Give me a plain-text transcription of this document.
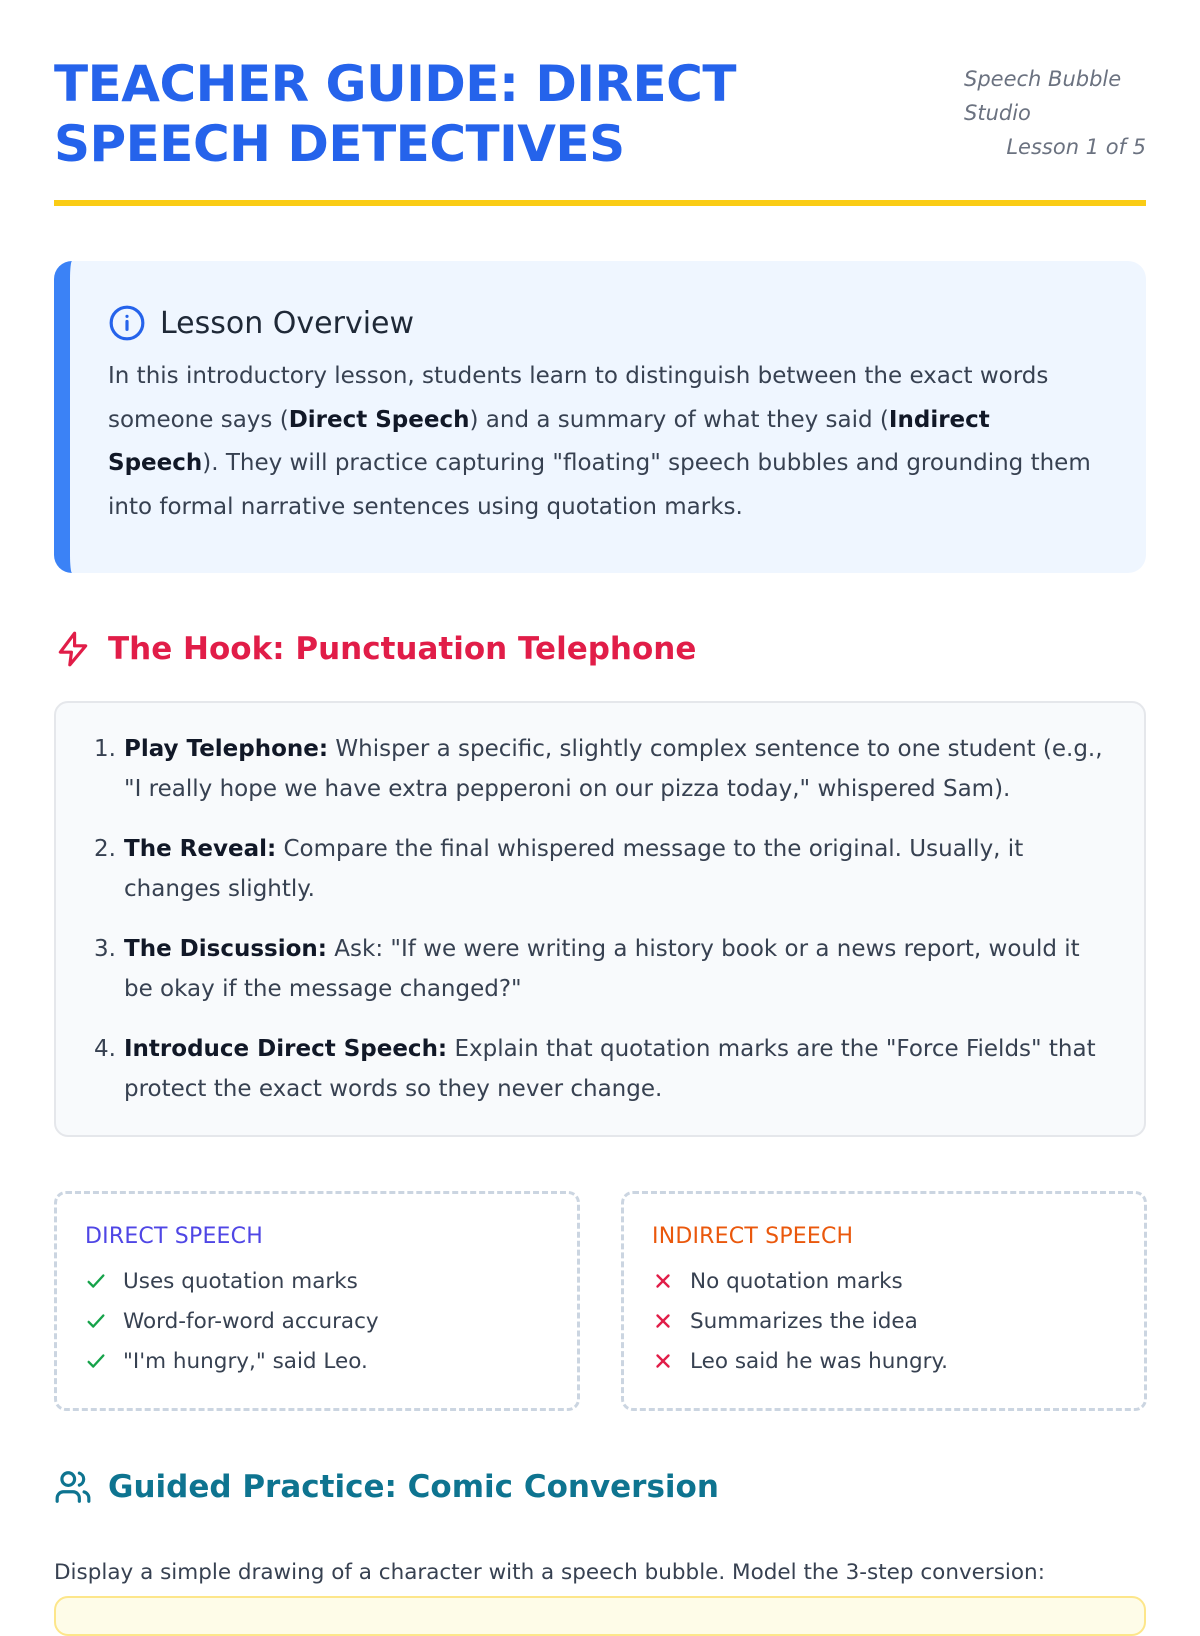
TEACHER GUIDE: DIRECT SPEECH DETECTIVES
Speech Bubble Studio
Lesson 1 of 5
Lesson Overview

In this introductory lesson, students learn to distinguish between the exact words someone says (Direct Speech) and a summary of what they said (Indirect Speech). They will practice capturing "floating" speech bubbles and grounding them into formal narrative sentences using quotation marks.

The Hook: Punctuation Telephone
1. Play Telephone: Whisper a specific, slightly complex sentence to one student (e.g., "I really hope we have extra pepperoni on our pizza today," whispered Sam).
2. The Reveal: Compare the final whispered message to the original. Usually, it changes slightly.
3. The Discussion: Ask: "If we were writing a history book or a news report, would it be okay if the message changed?"
4. Introduce Direct Speech: Explain that quotation marks are the "Force Fields" that protect the exact words so they never change.
DIRECT SPEECH
Uses quotation marks
Word-for-word accuracy
"I'm hungry," said Leo.
INDIRECT SPEECH
No quotation marks
Summarizes the idea
Leo said he was hungry.
Guided Practice: Comic Conversion

Display a simple drawing of a character with a speech bubble. Model the 3-step conversion:
